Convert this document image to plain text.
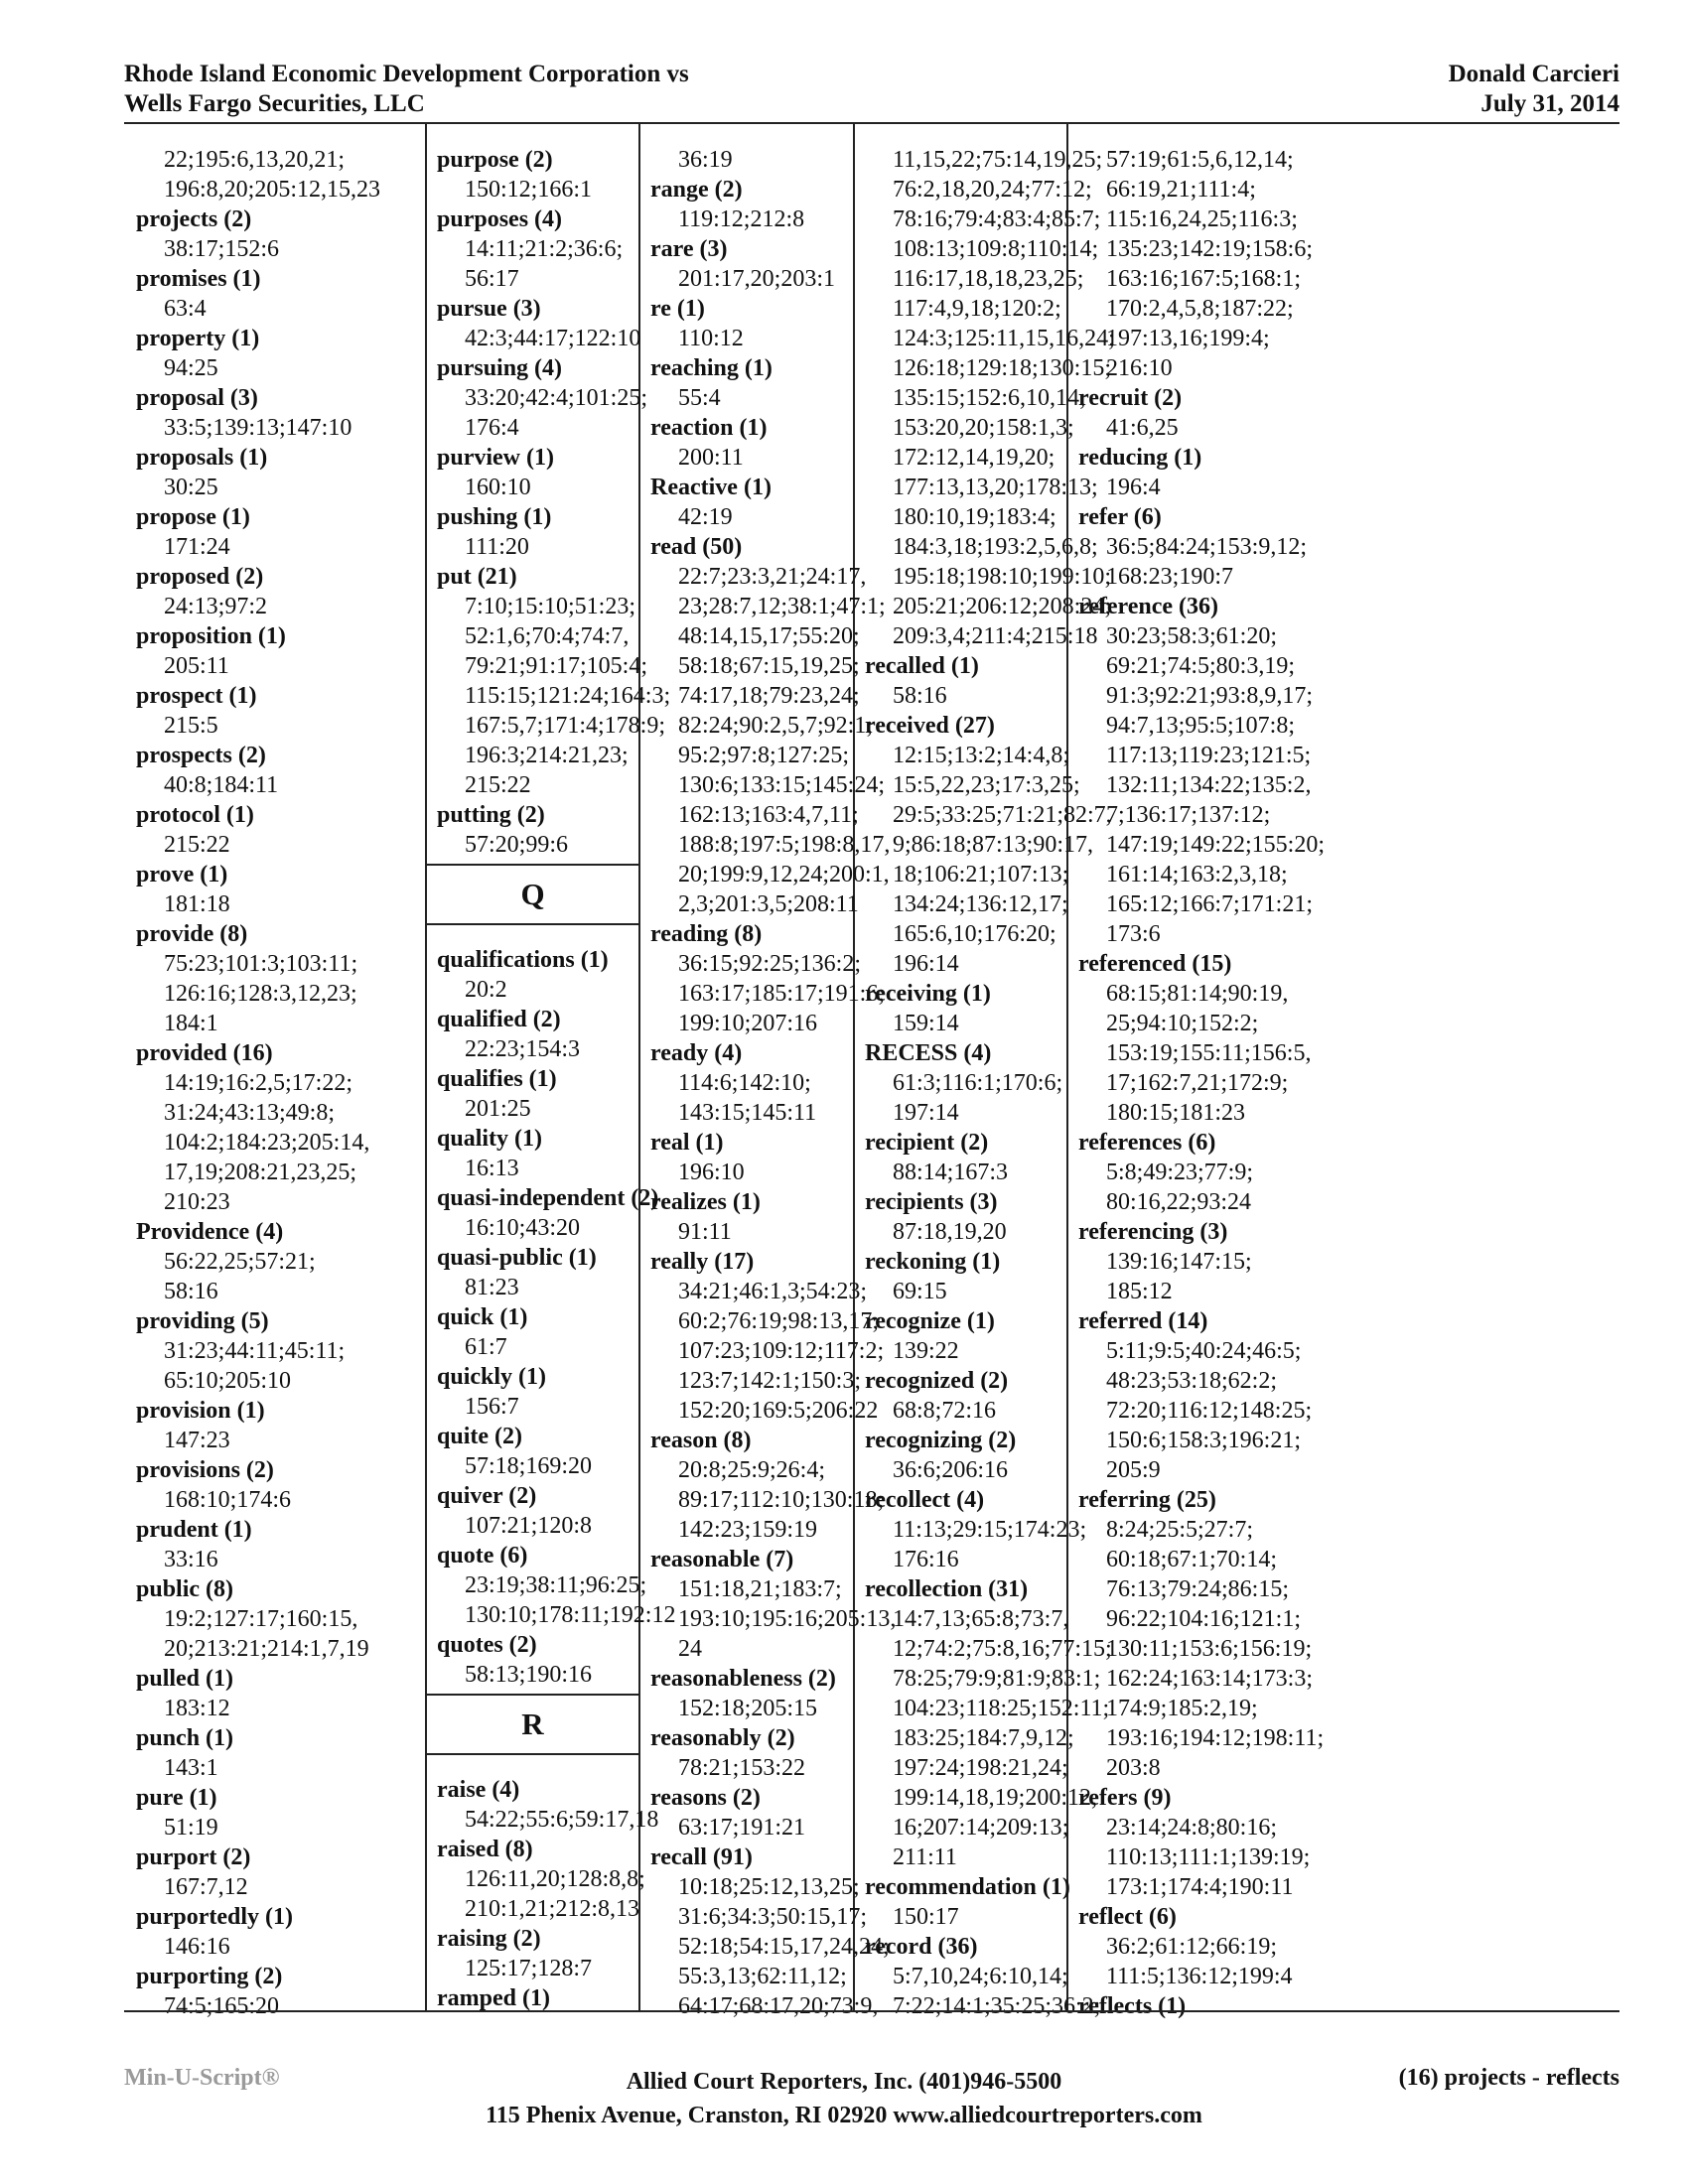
Rhode Island Economic Development Corporation vs
Wells Fargo Securities, LLC
Donald Carcieri
July 31, 2014
22;195:6,13,20,21;
196:8,20;205:12,15,23
projects (2)
38:17;152:6
promises (1)
63:4
property (1)
94:25
proposal (3)
33:5;139:13;147:10
proposals (1)
30:25
propose (1)
171:24
proposed (2)
24:13;97:2
proposition (1)
205:11
prospect (1)
215:5
prospects (2)
40:8;184:11
protocol (1)
215:22
prove (1)
181:18
provide (8)
75:23;101:3;103:11;
126:16;128:3,12,23;
184:1
provided (16)
14:19;16:2,5;17:22;
31:24;43:13;49:8;
104:2;184:23;205:14,
17,19;208:21,23,25;
210:23
Providence (4)
56:22,25;57:21;
58:16
providing (5)
31:23;44:11;45:11;
65:10;205:10
provision (1)
147:23
provisions (2)
168:10;174:6
prudent (1)
33:16
public (8)
19:2;127:17;160:15,
20;213:21;214:1,7,19
pulled (1)
183:12
punch (1)
143:1
pure (1)
51:19
purport (2)
167:7,12
purportedly (1)
146:16
purporting (2)
74:5;165:20
purpose (2)
150:12;166:1
purposes (4)
14:11;21:2;36:6;
56:17
pursue (3)
42:3;44:17;122:10
pursuing (4)
33:20;42:4;101:25;
176:4
purview (1)
160:10
pushing (1)
111:20
put (21)
7:10;15:10;51:23;
52:1,6;70:4;74:7,
79:21;91:17;105:4;
115:15;121:24;164:3;
167:5,7;171:4;178:9;
196:3;214:21,23;
215:22
putting (2)
57:20;99:6
Q
qualifications (1)
20:2
qualified (2)
22:23;154:3
qualifies (1)
201:25
quality (1)
16:13
quasi-independent (2)
16:10;43:20
quasi-public (1)
81:23
quick (1)
61:7
quickly (1)
156:7
quite (2)
57:18;169:20
quiver (2)
107:21;120:8
quote (6)
23:19;38:11;96:25;
130:10;178:11;192:12
quotes (2)
58:13;190:16
R
raise (4)
54:22;55:6;59:17,18
raised (8)
126:11,20;128:8,8;
210:1,21;212:8,13
raising (2)
125:17;128:7
ramped (1)
36:19
range (2)
119:12;212:8
rare (3)
201:17,20;203:1
re (1)
110:12
reaching (1)
55:4
reaction (1)
200:11
Reactive (1)
42:19
read (50)
22:7;23:3,21;24:17,
23;28:7,12;38:1;47:1;
48:14,15,17;55:20;
58:18;67:15,19,25;
74:17,18;79:23,24;
82:24;90:2,5,7;92:1;
95:2;97:8;127:25;
130:6;133:15;145:24;
162:13;163:4,7,11;
188:8;197:5;198:8,17,
20;199:9,12,24;200:1,
2,3;201:3,5;208:11
reading (8)
36:15;92:25;136:2;
163:17;185:17;191:6;
199:10;207:16
ready (4)
114:6;142:10;
143:15;145:11
real (1)
196:10
realizes (1)
91:11
really (17)
34:21;46:1,3;54:23;
60:2;76:19;98:13,17;
107:23;109:12;117:2;
123:7;142:1;150:3;
152:20;169:5;206:22
reason (8)
20:8;25:9;26:4;
89:17;112:10;130:18;
142:23;159:19
reasonable (7)
151:18,21;183:7;
193:10;195:16;205:13,
24
reasonableness (2)
152:18;205:15
reasonably (2)
78:21;153:22
reasons (2)
63:17;191:21
recall (91)
10:18;25:12,13,25;
31:6;34:3;50:15,17;
52:18;54:15,17,24,24;
55:3,13;62:11,12;
64:17;68:17,20;73:9,
11,15,22;75:14,19,25;
76:2,18,20,24;77:12;
78:16;79:4;83:4;85:7;
108:13;109:8;110:14;
116:17,18,18,23,25;
117:4,9,18;120:2;
124:3;125:11,15,16,24;
126:18;129:18;130:15;
135:15;152:6,10,14;
153:20,20;158:1,3;
172:12,14,19,20;
177:13,13,20;178:13;
180:10,19;183:4;
184:3,18;193:2,5,6,8;
195:18;198:10;199:10;
205:21;206:12;208:24;
209:3,4;211:4;215:18
recalled (1)
58:16
received (27)
12:15;13:2;14:4,8;
15:5,22,23;17:3,25;
29:5;33:25;71:21;82:7,
9;86:18;87:13;90:17,
18;106:21;107:13;
134:24;136:12,17;
165:6,10;176:20;
196:14
receiving (1)
159:14
RECESS (4)
61:3;116:1;170:6;
197:14
recipient (2)
88:14;167:3
recipients (3)
87:18,19,20
reckoning (1)
69:15
recognize (1)
139:22
recognized (2)
68:8;72:16
recognizing (2)
36:6;206:16
recollect (4)
11:13;29:15;174:23;
176:16
recollection (31)
14:7,13;65:8;73:7,
12;74:2;75:8,16;77:15;
78:25;79:9;81:9;83:1;
104:23;118:25;152:11;
183:25;184:7,9,12;
197:24;198:21,24;
199:14,18,19;200:12,
16;207:14;209:13;
211:11
recommendation (1)
150:17
record (36)
5:7,10,24;6:10,14;
7:22;14:1;35:25;36:2;
57:19;61:5,6,12,14;
66:19,21;111:4;
115:16,24,25;116:3;
135:23;142:19;158:6;
163:16;167:5;168:1;
170:2,4,5,8;187:22;
197:13,16;199:4;
216:10
recruit (2)
41:6,25
reducing (1)
196:4
refer (6)
36:5;84:24;153:9,12;
168:23;190:7
reference (36)
30:23;58:3;61:20;
69:21;74:5;80:3,19;
91:3;92:21;93:8,9,17;
94:7,13;95:5;107:8;
117:13;119:23;121:5;
132:11;134:22;135:2,
7;136:17;137:12;
147:19;149:22;155:20;
161:14;163:2,3,18;
165:12;166:7;171:21;
173:6
referenced (15)
68:15;81:14;90:19,
25;94:10;152:2;
153:19;155:11;156:5,
17;162:7,21;172:9;
180:15;181:23
references (6)
5:8;49:23;77:9;
80:16,22;93:24
referencing (3)
139:16;147:15;
185:12
referred (14)
5:11;9:5;40:24;46:5;
48:23;53:18;62:2;
72:20;116:12;148:25;
150:6;158:3;196:21;
205:9
referring (25)
8:24;25:5;27:7;
60:18;67:1;70:14;
76:13;79:24;86:15;
96:22;104:16;121:1;
130:11;153:6;156:19;
162:24;163:14;173:3;
174:9;185:2,19;
193:16;194:12;198:11;
203:8
refers (9)
23:14;24:8;80:16;
110:13;111:1;139:19;
173:1;174:4;190:11
reflect (6)
36:2;61:12;66:19;
111:5;136:12;199:4
reflects (1)
Min-U-Script®	Allied Court Reporters, Inc. (401)946-5500
115 Phenix Avenue, Cranston, RI 02920 www.alliedcourtreporters.com
(16) projects - reflects
